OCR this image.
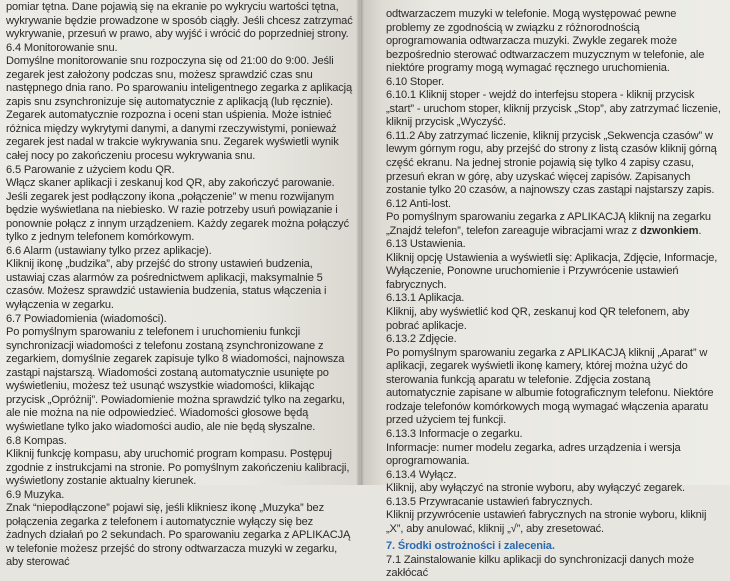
pomiar tętna. Dane pojawią się na ekranie po wykryciu wartości tętna, wykrywanie będzie prowadzone w sposób ciągły. Jeśli chcesz zatrzymać wykrywanie, przesuń w prawo, aby wyjść i wrócić do poprzedniej strony.

6.4 Monitorowanie snu.

Domyślne monitorowanie snu rozpoczyna się od 21:00 do 9:00. Jeśli zegarek jest założony podczas snu, możesz sprawdzić czas snu następnego dnia rano. Po sparowaniu inteligentnego zegarka z aplikacją zapis snu zsynchronizuje się automatycznie z aplikacją (lub ręcznie). Zegarek automatycznie rozpozna i oceni stan uśpienia. Może istnieć różnica między wykrytymi danymi, a danymi rzeczywistymi, ponieważ zegarek jest nadal w trakcie wykrywania snu. Zegarek wyświetli wynik całej nocy po zakończeniu procesu wykrywania snu.

6.5 Parowanie z użyciem kodu QR.

Włącz skaner aplikacji i zeskanuj kod QR, aby zakończyć parowanie. Jeśli zegarek jest podłączony ikona „połączenie” w menu rozwijanym będzie wyświetlana na niebiesko. W razie potrzeby usuń powiązanie i ponownie połącz z innym urządzeniem. Każdy zegarek można połączyć tylko z jednym telefonem komórkowym.

6.6 Alarm (ustawiany tylko przez aplikacje).

Kliknij ikonę „budzika”, aby przejść do strony ustawień budzenia, ustawiaj czas alarmów za pośrednictwem aplikacji, maksymalnie 5 czasów. Możesz sprawdzić ustawienia budzenia, status włączenia i wyłączenia w zegarku.

6.7 Powiadomienia (wiadomości).

Po pomyślnym sparowaniu z telefonem i uruchomieniu funkcji synchronizacji wiadomości z telefonu zostaną zsynchronizowane z zegarkiem, domyślnie zegarek zapisuje tylko 8 wiadomości, najnowsza zastąpi najstarszą. Wiadomości zostaną automatycznie usunięte po wyświetleniu, możesz też usunąć wszystkie wiadomości, klikając przycisk „Opróżnij”. Powiadomienie można sprawdzić tylko na zegarku, ale nie można na nie odpowiedzieć. Wiadomości głosowe będą wyświetlane tylko jako wiadomości audio, ale nie będą słyszalne.

6.8 Kompas.

Kliknij funkcję kompasu, aby uruchomić program kompasu. Postępuj zgodnie z instrukcjami na stronie. Po pomyślnym zakończeniu kalibracji, wyświetlony zostanie aktualny kierunek.

6.9 Muzyka.

Znak “niepodłączone” pojawi się, jeśli klikniesz ikonę „Muzyka” bez połączenia zegarka z telefonem i automatycznie wyłączy się bez żadnych działań po 2 sekundach. Po sparowaniu zegarka z APLIKACJĄ w telefonie możesz przejść do strony odtwarzacza muzyki w zegarku, aby sterować

odtwarzaczem muzyki w telefonie. Mogą występować pewne problemy ze zgodnością w związku z różnorodnością oprogramowania odtwarzacza muzyki. Zwykle zegarek może bezpośrednio sterować odtwarzaczem muzycznym w telefonie, ale niektóre programy mogą wymagać ręcznego uruchomienia.

6.10 Stoper.

6.10.1 Kliknij stoper - wejdź do interfejsu stopera - kliknij przycisk „start” - uruchom stoper, kliknij przycisk „Stop”, aby zatrzymać liczenie, kliknij przycisk „Wyczyść.

6.11.2 Aby zatrzymać liczenie, kliknij przycisk „Sekwencja czasów” w lewym górnym rogu, aby przejść do strony z listą czasów kliknij górną część ekranu. Na jednej stronie pojawią się tylko 4 zapisy czasu, przesuń ekran w górę, aby uzyskać więcej zapisów. Zapisanych zostanie tylko 20 czasów, a najnowszy czas zastąpi najstarszy zapis.

6.12 Anti-lost.

Po pomyślnym sparowaniu zegarka z APLIKACJĄ kliknij na zegarku „Znajdź telefon”, telefon zareaguje wibracjami wraz z dzwonkiem.

6.13 Ustawienia.

Kliknij opcję Ustawienia a wyświetli się: Aplikacja, Zdjęcie, Informacje, Wyłączenie, Ponowne uruchomienie i Przywrócenie ustawień fabrycznych.

6.13.1 Aplikacja.

Kliknij, aby wyświetlić kod QR, zeskanuj kod QR telefonem, aby pobrać aplikacje.

6.13.2 Zdjęcie.

Po pomyślnym sparowaniu zegarka z APLIKACJĄ kliknij „Aparat” w aplikacji, zegarek wyświetli ikonę kamery, której można użyć do sterowania funkcją aparatu w telefonie. Zdjęcia zostaną automatycznie zapisane w albumie fotograficznym telefonu. Niektóre rodzaje telefonów komórkowych mogą wymagać włączenia aparatu przed użyciem tej funkcji.

6.13.3 Informacje o zegarku.

Informacje: numer modelu zegarka, adres urządzenia i wersja oprogramowania.

6.13.4 Wyłącz.

Kliknij, aby wyłączyć na stronie wyboru, aby wyłączyć zegarek.

6.13.5 Przywracanie ustawień fabrycznych.

Kliknij przywrócenie ustawień fabrycznych na stronie wyboru, kliknij „X”, aby anulować, kliknij „√”, aby zresetować.

7. Środki ostrożności i zalecenia.

7.1 Zainstalowanie kilku aplikacji do synchronizacji danych może zakłócać
